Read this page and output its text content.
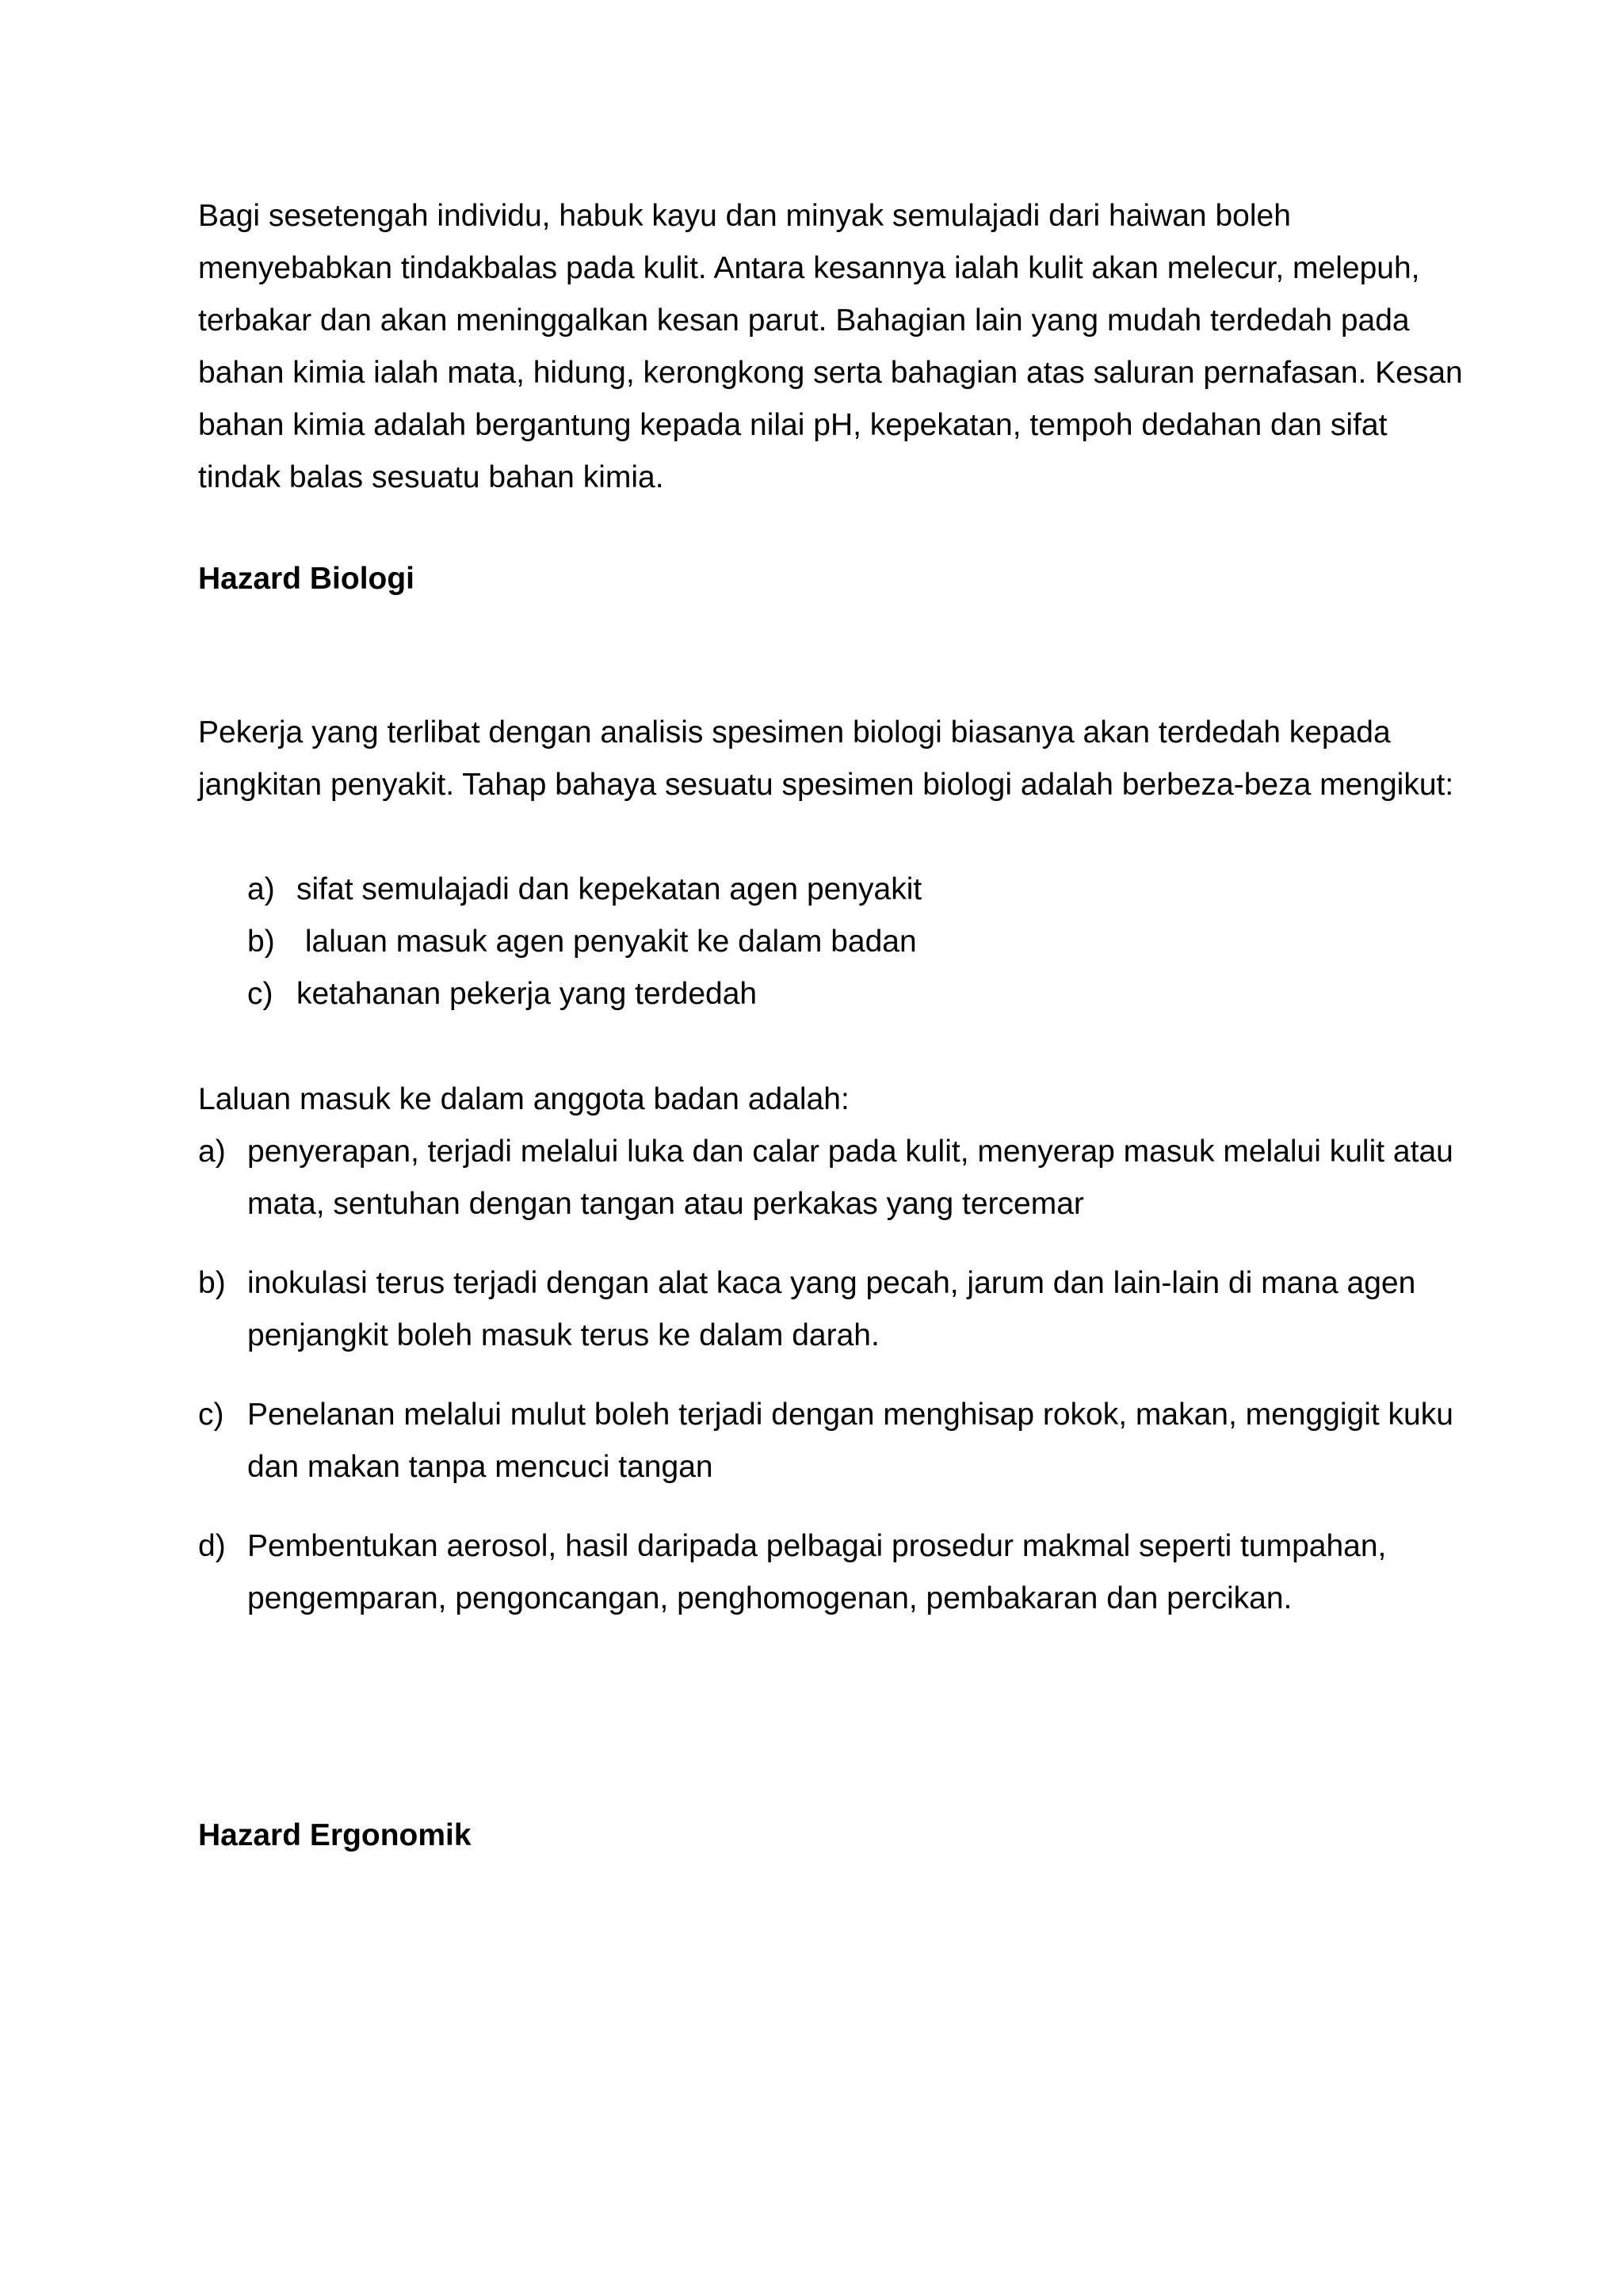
Bagi sesetengah individu, habuk kayu dan minyak semulajadi dari haiwan boleh
menyebabkan tindakbalas pada kulit. Antara kesannya ialah kulit akan melecur, melepuh,
terbakar dan akan meninggalkan kesan parut. Bahagian lain yang mudah terdedah pada
bahan kimia ialah mata, hidung, kerongkong serta bahagian atas saluran pernafasan. Kesan
bahan kimia adalah bergantung kepada nilai pH, kepekatan, tempoh dedahan dan sifat
tindak balas sesuatu bahan kimia.

Hazard Biologi

Pekerja yang terlibat dengan analisis spesimen biologi biasanya akan terdedah kepada
jangkitan penyakit. Tahap bahaya sesuatu spesimen biologi adalah berbeza-beza mengikut:

a) sifat semulajadi dan kepekatan agen penyakit
b) laluan masuk agen penyakit ke dalam badan
c) ketahanan pekerja yang terdedah

Laluan masuk ke dalam anggota badan adalah:

a) penyerapan, terjadi melalui luka dan calar pada kulit, menyerap masuk melalui kulit atau
mata, sentuhan dengan tangan atau perkakas yang tercemar
b) inokulasi terus terjadi dengan alat kaca yang pecah, jarum dan lain-lain di mana agen
penjangkit boleh masuk terus ke dalam darah.
c) Penelanan melalui mulut boleh terjadi dengan menghisap rokok, makan, menggigit kuku
dan makan tanpa mencuci tangan
d) Pembentukan aerosol, hasil daripada pelbagai prosedur makmal seperti tumpahan,
pengemparan, pengoncangan, penghomogenan, pembakaran dan percikan.
Hazard Ergonomik
